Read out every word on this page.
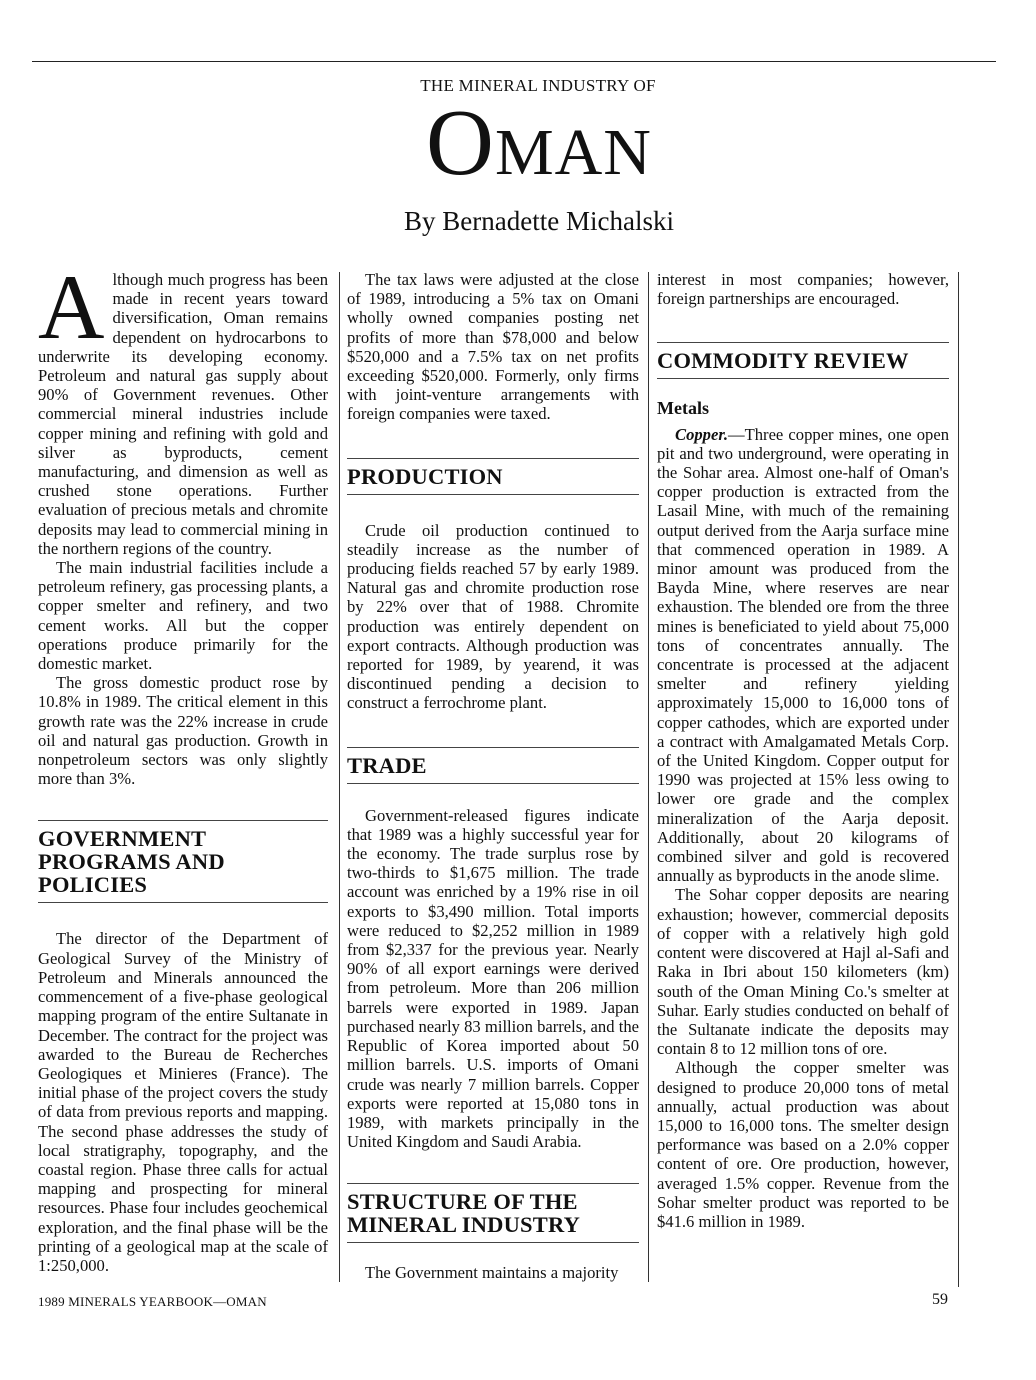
THE MINERAL INDUSTRY OF
OMAN
By Bernadette Michalski

Although much progress has been made in recent years toward diversification, Oman remains dependent on hydrocarbons to underwrite its developing economy. Petroleum and natural gas supply about 90% of Government revenues. Other commercial mineral industries include copper mining and refining with gold and silver as byproducts, cement manufacturing, and dimension as well as crushed stone operations. Further evaluation of precious metals and chromite deposits may lead to commercial mining in the northern regions of the country.

The main industrial facilities include a petroleum refinery, gas processing plants, a copper smelter and refinery, and two cement works. All but the copper operations produce primarily for the domestic market.

The gross domestic product rose by 10.8% in 1989. The critical element in this growth rate was the 22% increase in crude oil and natural gas production. Growth in nonpetroleum sectors was only slightly more than 3%.

GOVERNMENT PROGRAMS AND POLICIES

The director of the Department of Geological Survey of the Ministry of Petroleum and Minerals announced the commencement of a five-phase geological mapping program of the entire Sultanate in December. The contract for the project was awarded to the Bureau de Recherches Geologiques et Minieres (France). The initial phase of the project covers the study of data from previous reports and mapping. The second phase addresses the study of local stratigraphy, topography, and the coastal region. Phase three calls for actual mapping and prospecting for mineral resources. Phase four includes geochemical exploration, and the final phase will be the printing of a geological map at the scale of 1:250,000.

The tax laws were adjusted at the close of 1989, introducing a 5% tax on Omani wholly owned companies posting net profits of more than $78,000 and below $520,000 and a 7.5% tax on net profits exceeding $520,000. Formerly, only firms with joint-venture arrangements with foreign companies were taxed.

PRODUCTION

Crude oil production continued to steadily increase as the number of producing fields reached 57 by early 1989. Natural gas and chromite production rose by 22% over that of 1988. Chromite production was entirely dependent on export contracts. Although production was reported for 1989, by yearend, it was discontinued pending a decision to construct a ferrochrome plant.

TRADE

Government-released figures indicate that 1989 was a highly successful year for the economy. The trade surplus rose by two-thirds to $1,675 million. The trade account was enriched by a 19% rise in oil exports to $3,490 million. Total imports were reduced to $2,252 million in 1989 from $2,337 for the previous year. Nearly 90% of all export earnings were derived from petroleum. More than 206 million barrels were exported in 1989. Japan purchased nearly 83 million barrels, and the Republic of Korea imported about 50 million barrels. U.S. imports of Omani crude was nearly 7 million barrels. Copper exports were reported at 15,080 tons in 1989, with markets principally in the United Kingdom and Saudi Arabia.

STRUCTURE OF THE MINERAL INDUSTRY

The Government maintains a majority

interest in most companies; however, foreign partnerships are encouraged.

COMMODITY REVIEW
Metals

Copper.—Three copper mines, one open pit and two underground, were operating in the Sohar area. Almost one-half of Oman's copper production is extracted from the Lasail Mine, with much of the remaining output derived from the Aarja surface mine that commenced operation in 1989. A minor amount was produced from the Bayda Mine, where reserves are near exhaustion. The blended ore from the three mines is beneficiated to yield about 75,000 tons of concentrates annually. The concentrate is processed at the adjacent smelter and refinery yielding approximately 15,000 to 16,000 tons of copper cathodes, which are exported under a contract with Amalgamated Metals Corp. of the United Kingdom. Copper output for 1990 was projected at 15% less owing to lower ore grade and the complex mineralization of the Aarja deposit. Additionally, about 20 kilograms of combined silver and gold is recovered annually as byproducts in the anode slime.

The Sohar copper deposits are nearing exhaustion; however, commercial deposits of copper with a relatively high gold content were discovered at Hajl al-Safi and Raka in Ibri about 150 kilometers (km) south of the Oman Mining Co.'s smelter at Suhar. Early studies conducted on behalf of the Sultanate indicate the deposits may contain 8 to 12 million tons of ore.

Although the copper smelter was designed to produce 20,000 tons of metal annually, actual production was about 15,000 to 16,000 tons. The smelter design performance was based on a 2.0% copper content of ore. Ore production, however, averaged 1.5% copper. Revenue from the Sohar smelter product was reported to be $41.6 million in 1989.

1989 MINERALS YEARBOOK—OMAN	59
